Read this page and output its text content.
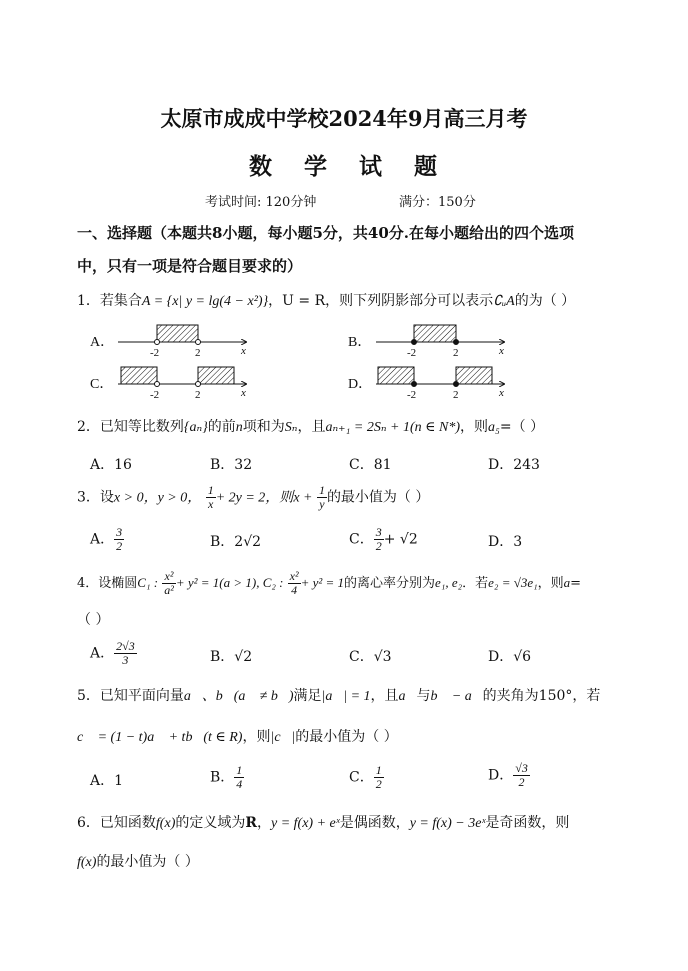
太原市成成中学校2024年9月高三月考
数 学 试 题
考试时间: 120分钟	满分：150分
一、选择题（本题共8小题，每小题5分，共40分.在每小题给出的四个选项
中，只有一项是符合题目要求的）
1．若集合A = {x| y = lg(4 − x²)}，U = R，则下列阴影部分可以表示∁ᵤA的为（ ）
A．
-2	2	x
B．
-2	2	x
C．
-2	2	x
D．
-2	2	x
2．已知等比数列{aₙ}的前n项和为Sₙ，且aₙ₊₁ = 2Sₙ + 1(n ∈ N*)，则a₅=（ ）
A．16	B．32	C．81	D．243
3．设x > 0，y > 0， $\frac{1}{x} + 2y = 2$，则$x + \frac{1}{y}$ 的最小值为（ ）
A． $\frac{3}{2}$	B．2√2	C． $\frac{3}{2} + √2$	D．3
4．设椭圆C₁ : $\frac{\text{x²}}{\text{a²}} + y^2 = 1(a > 1)$, C₂ : $\frac{\text{x²}}{4} + y^2 = 1$的离心率分别为e₁, e₂．若e₂ = √3e₁，则a=
（ ）
A． $\frac{2√3}{3}$	B．√2	C．√3	D．√6
5．已知平面向量a⃗、b⃗(a⃗ ≠ b⃗)满足|a⃗| = 1，且a⃗与b⃗ − a⃗的夹角为150°，若
c⃗ = (1 − t)a⃗ + tb⃗(t ∈ R)，则|c⃗|的最小值为（ ）
A．1	B． $\frac{1}{4}$	C． $\frac{1}{2}$	D． $\frac{√3}{2}$
6．已知函数f(x)的定义域为R，y = f(x) + eˣ是偶函数，y = f(x) − 3eˣ是奇函数，则
f(x)的最小值为（ ）
